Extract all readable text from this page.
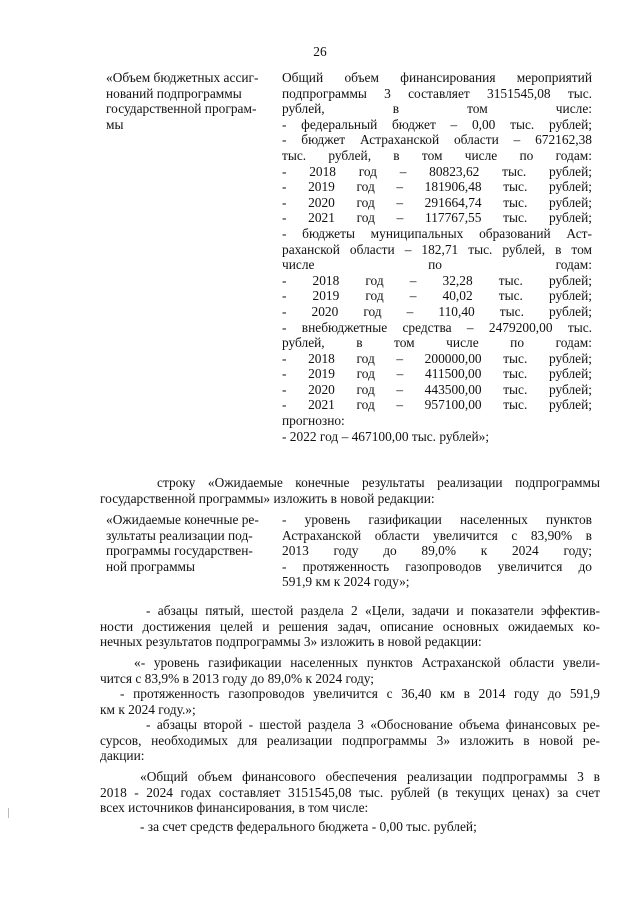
26
«Объем бюджетных ассиг-
нований подпрограммы
государственной програм-
мы
Общий объем финансирования мероприятий
подпрограммы 3 составляет 3151545,08 тыс.
рублей, в том числе:
- федеральный бюджет – 0,00 тыс. рублей;
- бюджет Астраханской области – 672162,38
тыс. рублей, в том числе по годам:
- 2018 год – 80823,62 тыс. рублей;
- 2019 год – 181906,48 тыс. рублей;
- 2020 год – 291664,74 тыс. рублей;
- 2021 год – 117767,55 тыс. рублей;
- бюджеты муниципальных образований Аст-
раханской области – 182,71 тыс. рублей, в том
числе по годам:
- 2018 год – 32,28 тыс. рублей;
- 2019 год – 40,02 тыс. рублей;
- 2020 год – 110,40 тыс. рублей;
- внебюджетные средства – 2479200,00 тыс.
рублей, в том числе по годам:
- 2018 год – 200000,00 тыс. рублей;
- 2019 год – 411500,00 тыс. рублей;
- 2020 год – 443500,00 тыс. рублей;
- 2021 год – 957100,00 тыс. рублей;
прогнозно:
- 2022 год – 467100,00 тыс. рублей»;
строку «Ожидаемые конечные результаты реализации подпрограммы
государственной программы» изложить в новой редакции:
«Ожидаемые конечные ре-
зультаты реализации под-
программы государствен-
ной программы
- уровень газификации населенных пунктов
Астраханской области увеличится с 83,90% в
2013 году до 89,0% к 2024 году;
- протяженность газопроводов увеличится до
591,9 км к 2024 году»;
- абзацы пятый, шестой раздела 2 «Цели, задачи и показатели эффектив-
ности достижения целей и решения задач, описание основных ожидаемых ко-
нечных результатов подпрограммы 3» изложить в новой редакции:
«- уровень газификации населенных пунктов Астраханской области увели-
чится с 83,9% в 2013 году до 89,0% к 2024 году;
- протяженность газопроводов увеличится с 36,40 км в 2014 году до 591,9
км к 2024 году.»;
- абзацы второй - шестой раздела 3 «Обоснование объема финансовых ре-
сурсов, необходимых для реализации подпрограммы 3» изложить в новой ре-
дакции:
«Общий объем финансового обеспечения реализации подпрограммы 3 в
2018 - 2024 годах составляет 3151545,08 тыс. рублей (в текущих ценах) за счет
всех источников финансирования, в том числе:
- за счет средств федерального бюджета - 0,00 тыс. рублей;
